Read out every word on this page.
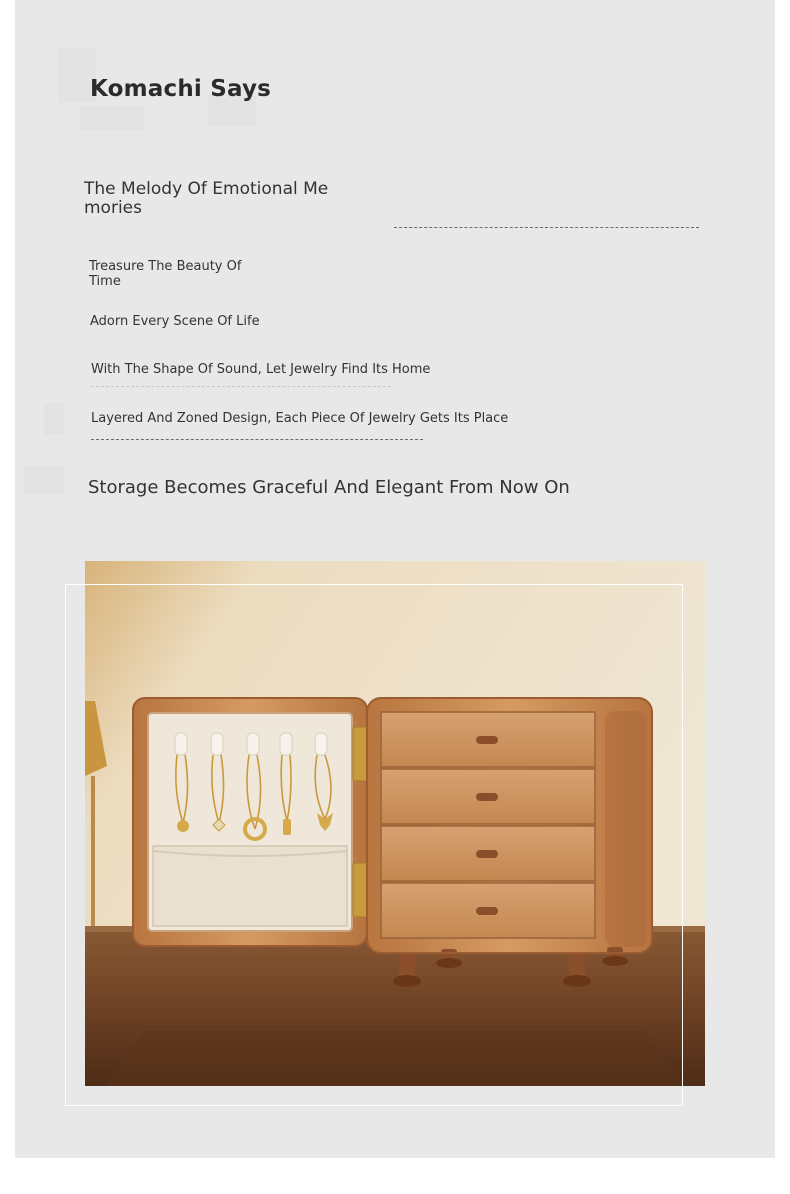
Komachi Says
The Melody Of Emotional Me mories
Treasure The Beauty Of Time
Adorn Every Scene Of Life
With The Shape Of Sound, Let Jewelry Find Its Home
Layered And Zoned Design, Each Piece Of Jewelry Gets Its Place
Storage Becomes Graceful And Elegant From Now On
